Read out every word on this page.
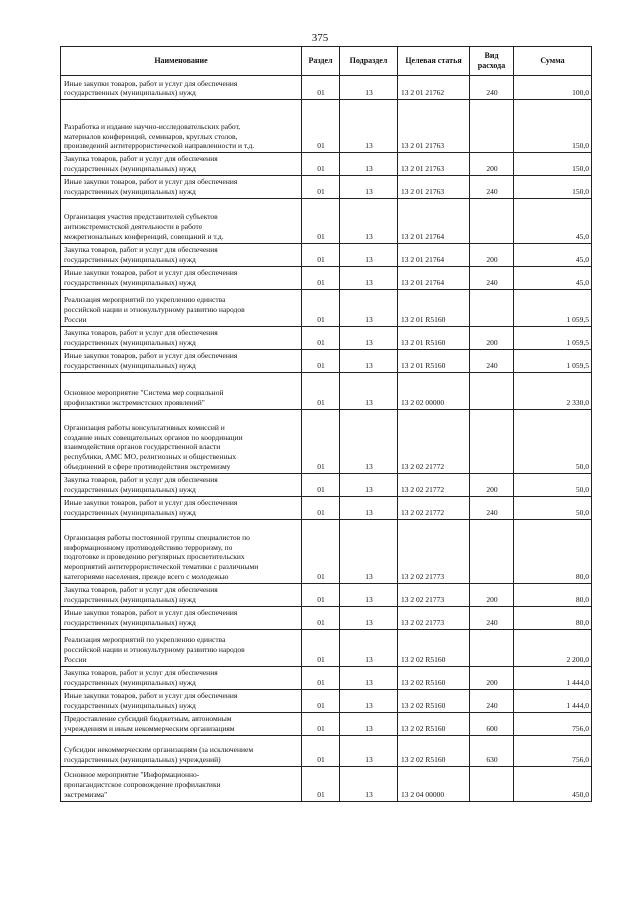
375
Наименование	Раздел	Подраздел	Целевая статья	Вид расхода	Сумма
Иные закупки товаров, работ и услуг для обеспечения
государственных (муниципальных) нужд	01	13	13 2 01 21762	240	100,0
Разработка и издание научно-исследовательских работ,
материалов конференций, семинаров, круглых столов,
произведений антитеррористической направленности и т.д.	01	13	13 2 01 21763		150,0
Закупка товаров, работ и услуг для обеспечения
государственных (муниципальных) нужд	01	13	13 2 01 21763	200	150,0
Иные закупки товаров, работ и услуг для обеспечения
государственных (муниципальных) нужд	01	13	13 2 01 21763	240	150,0
Организация участия представителей субъектов
антиэкстремистской деятельности в работе
межрегиональных конференций, совещаний и т.д.	01	13	13 2 01 21764		45,0
Закупка товаров, работ и услуг для обеспечения
государственных (муниципальных) нужд	01	13	13 2 01 21764	200	45,0
Иные закупки товаров, работ и услуг для обеспечения
государственных (муниципальных) нужд	01	13	13 2 01 21764	240	45,0
Реализация мероприятий по укреплению единства
российской нации и этнокультурному развитию народов
России	01	13	13 2 01 R5160		1 059,5
Закупка товаров, работ и услуг для обеспечения
государственных (муниципальных) нужд	01	13	13 2 01 R5160	200	1 059,5
Иные закупки товаров, работ и услуг для обеспечения
государственных (муниципальных) нужд	01	13	13 2 01 R5160	240	1 059,5
Основное мероприятие "Система мер социальной
профилактики экстремистских проявлений"	01	13	13 2 02 00000		2 330,0
Организация работы консультативных комиссий и
создание иных совещательных органов по координации
взаимодействия органов государственной власти
республики, АМС МО, религиозных и общественных
объединений в сфере противодействия экстремизму	01	13	13 2 02 21772		50,0
Закупка товаров, работ и услуг для обеспечения
государственных (муниципальных) нужд	01	13	13 2 02 21772	200	50,0
Иные закупки товаров, работ и услуг для обеспечения
государственных (муниципальных) нужд	01	13	13 2 02 21772	240	50,0
Организация работы постоянной группы специалистов по
информационному противодействию терроризму, по
подготовке и проведению регулярных просветительских
мероприятий антитеррористической тематики с различными
категориями населения, прежде всего с молодежью	01	13	13 2 02 21773		80,0
Закупка товаров, работ и услуг для обеспечения
государственных (муниципальных) нужд	01	13	13 2 02 21773	200	80,0
Иные закупки товаров, работ и услуг для обеспечения
государственных (муниципальных) нужд	01	13	13 2 02 21773	240	80,0
Реализация мероприятий по укреплению единства
российской нации и этнокультурному развитию народов
России	01	13	13 2 02 R5160		2 200,0
Закупка товаров, работ и услуг для обеспечения
государственных (муниципальных) нужд	01	13	13 2 02 R5160	200	1 444,0
Иные закупки товаров, работ и услуг для обеспечения
государственных (муниципальных) нужд	01	13	13 2 02 R5160	240	1 444,0
Предоставление субсидий бюджетным, автономным
учреждениям и иным некоммерческим организациям	01	13	13 2 02 R5160	600	756,0
Субсидии некоммерческим организациям (за исключением
государственных (муниципальных) учреждений)	01	13	13 2 02 R5160	630	756,0
Основное мероприятие "Информационно-
пропагандистское сопровождение профилактики
экстремизма"	01	13	13 2 04 00000		450,0
